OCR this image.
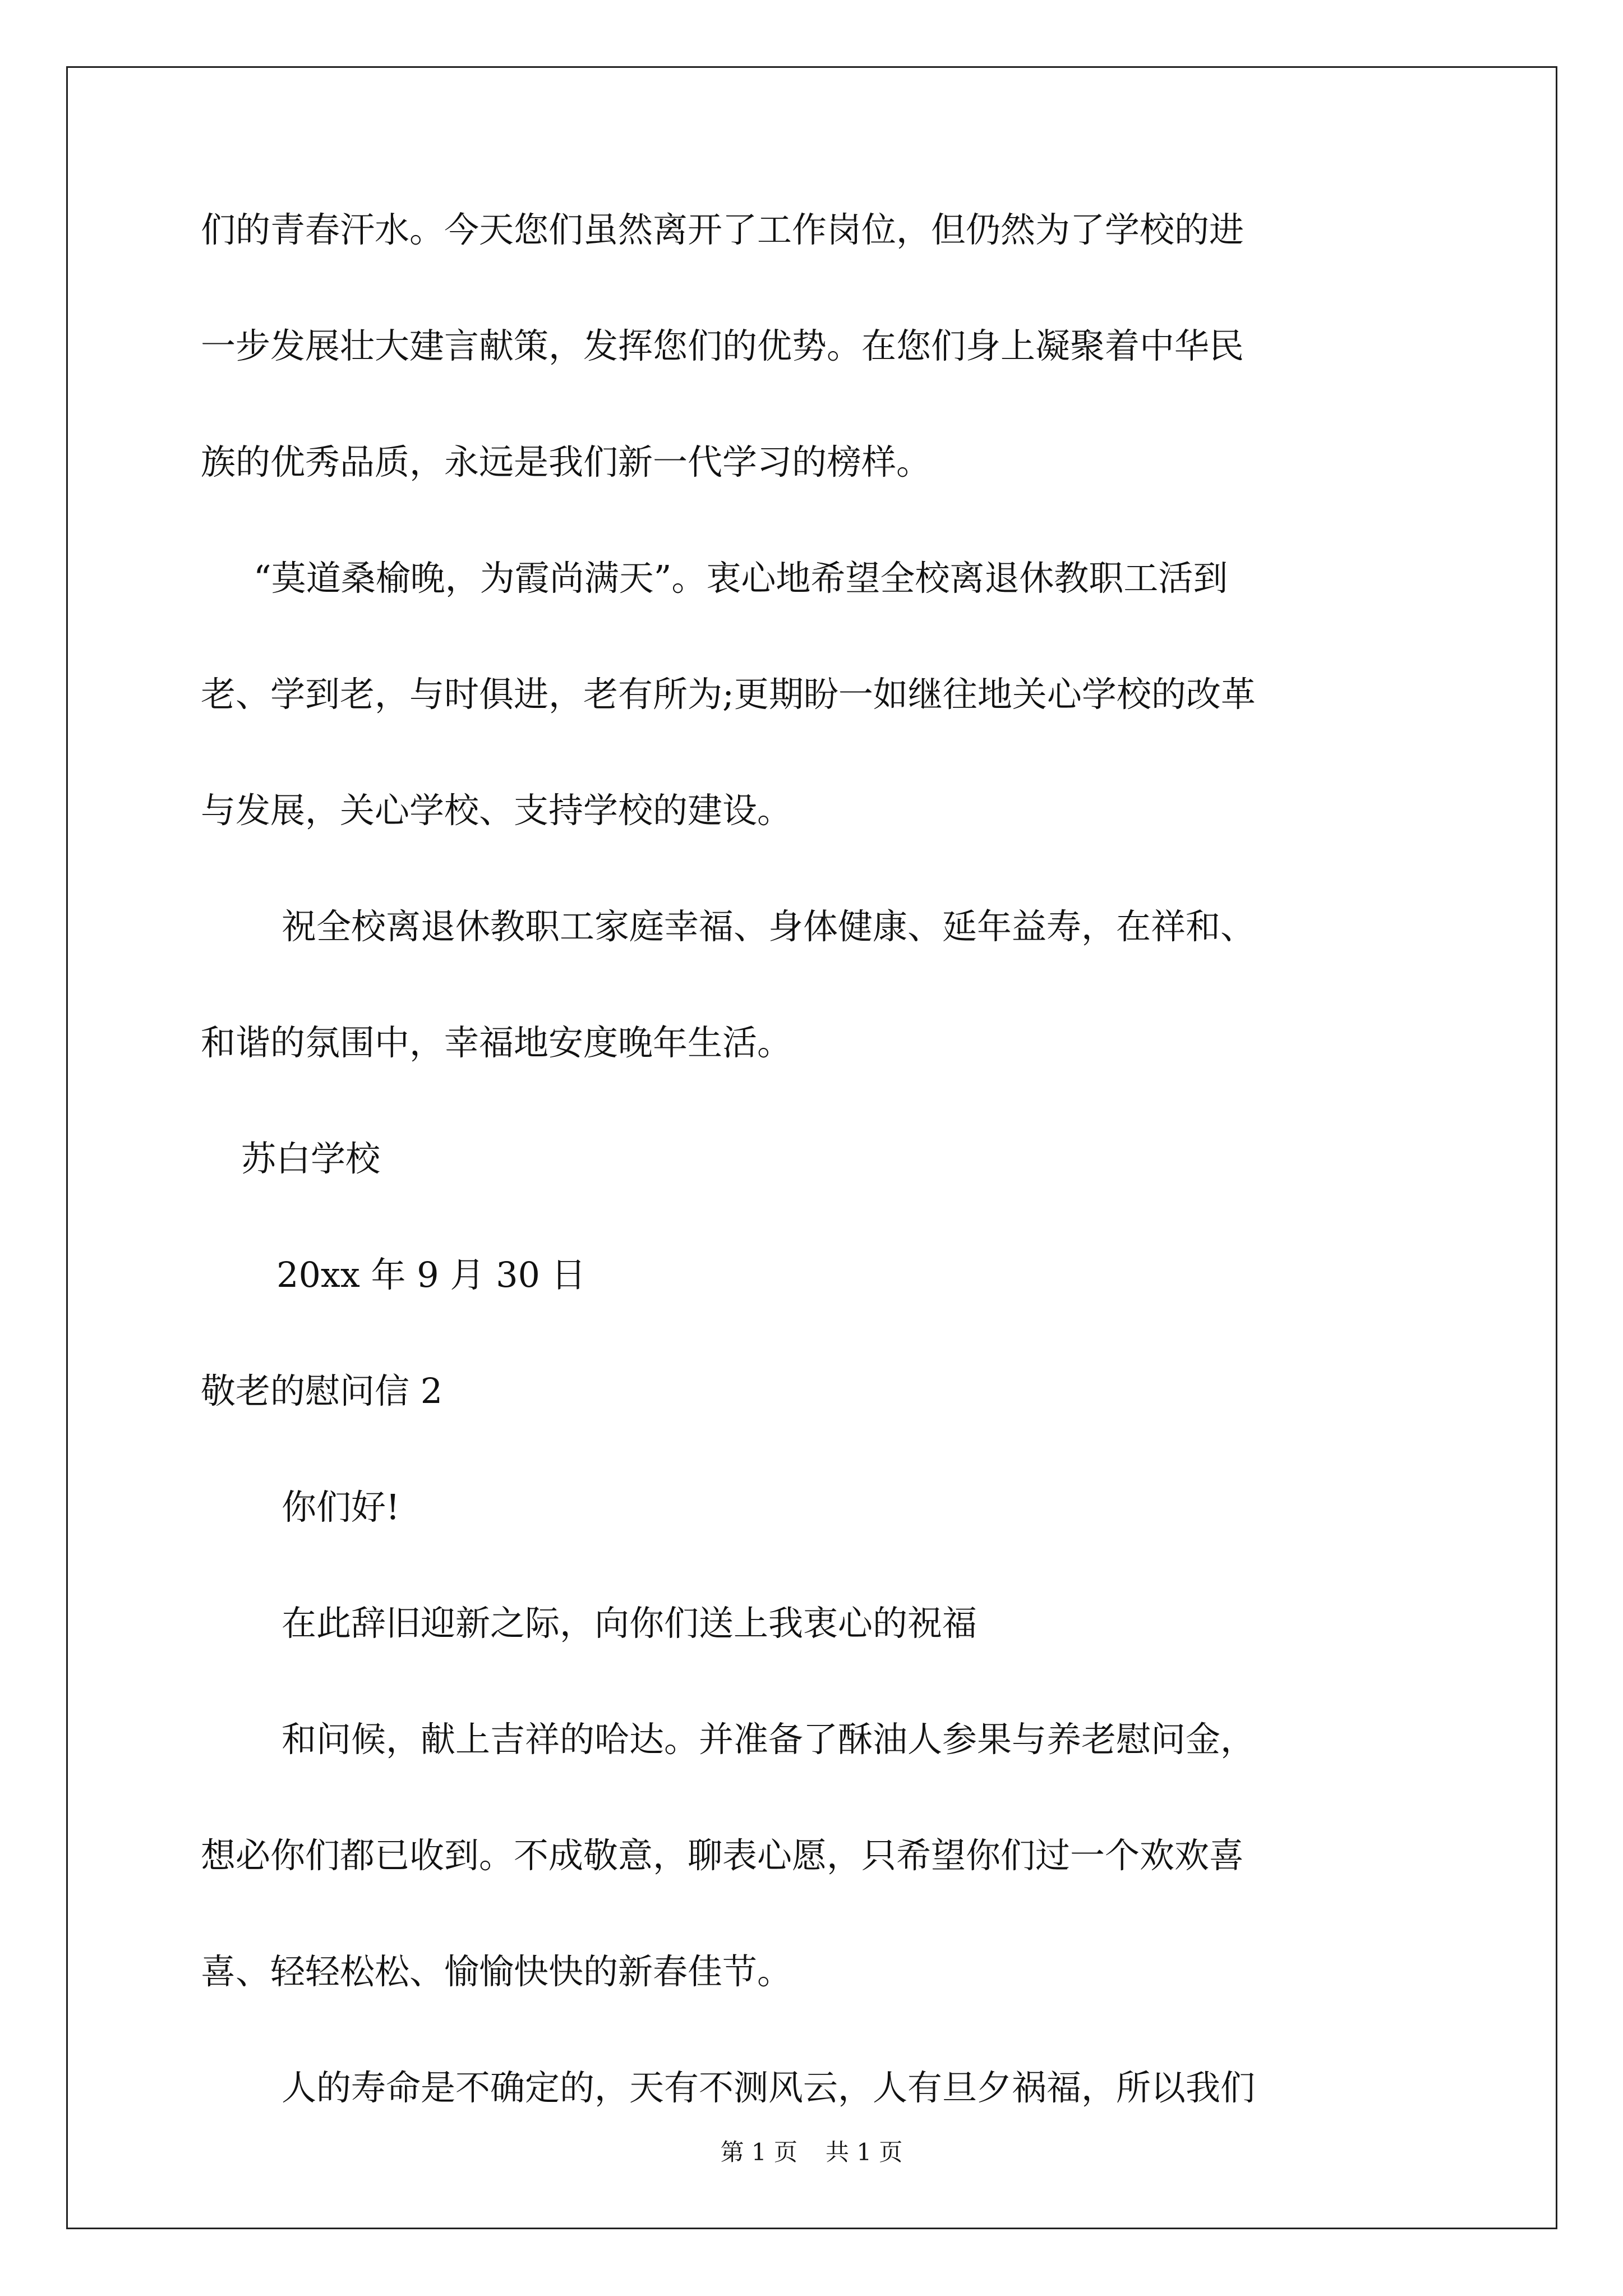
们的青春汗水。今天您们虽然离开了工作岗位，但仍然为了学校的进

一步发展壮大建言献策，发挥您们的优势。在您们身上凝聚着中华民

族的优秀品质，永远是我们新一代学习的榜样。

“莫道桑榆晚，为霞尚满天”。衷心地希望全校离退休教职工活到

老、学到老，与时俱进，老有所为;更期盼一如继往地关心学校的改革

与发展，关心学校、支持学校的建设。

祝全校离退休教职工家庭幸福、身体健康、延年益寿，在祥和、

和谐的氛围中，幸福地安度晚年生活。

苏白学校

20xx 年 9 月 30 日

敬老的慰问信 2

你们好!

在此辞旧迎新之际，向你们送上我衷心的祝福

和问候，献上吉祥的哈达。并准备了酥油人参果与养老慰问金，

想必你们都已收到。不成敬意，聊表心愿，只希望你们过一个欢欢喜

喜、轻轻松松、愉愉快快的新春佳节。

人的寿命是不确定的，天有不测风云，人有旦夕祸福，所以我们

第 1 页 共 1 页
